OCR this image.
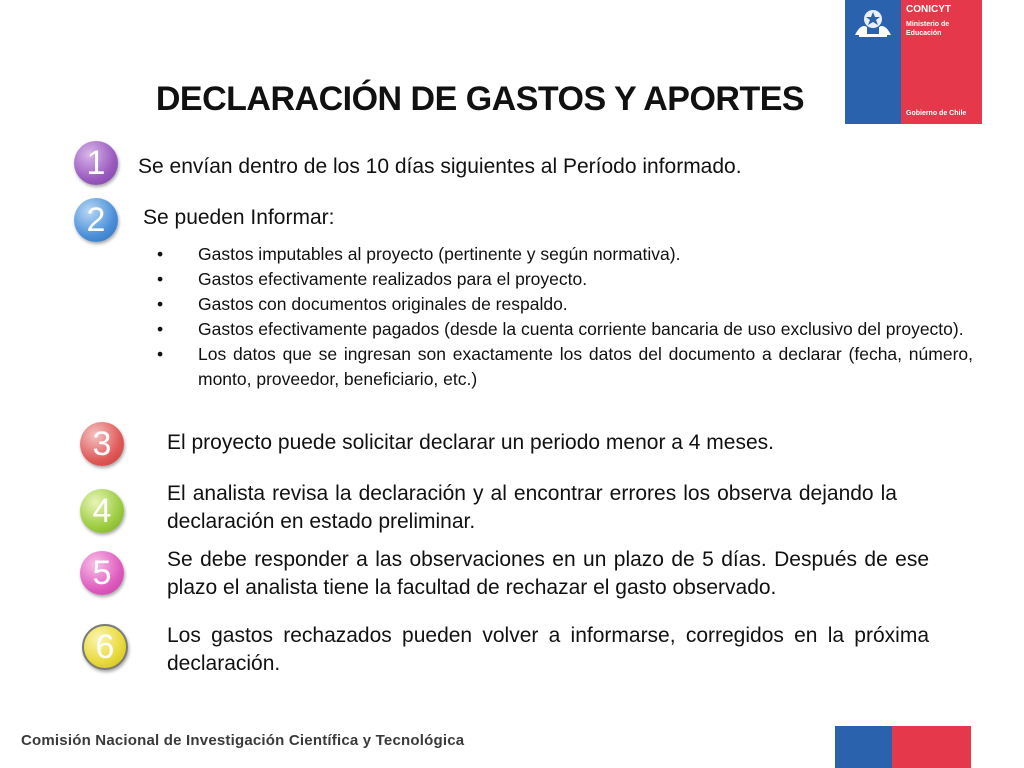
CONICYT
Ministerio de
Educación
Gobierno de Chile
DECLARACIÓN DE GASTOS Y APORTES
1	Se envían dentro de los 10 días siguientes al Período informado.
2	Se pueden Informar:
• Gastos imputables al proyecto (pertinente y según normativa).
• Gastos efectivamente realizados para el proyecto.
• Gastos con documentos originales de respaldo.
• Gastos efectivamente pagados (desde la cuenta corriente bancaria de uso exclusivo del proyecto).
• Los datos que se ingresan son exactamente los datos del documento a declarar (fecha, número, monto, proveedor, beneficiario, etc.)
3	El proyecto puede solicitar declarar un periodo menor a 4 meses.
4	El analista revisa la declaración y al encontrar errores los observa dejando la declaración en estado preliminar.
5	Se debe responder a las observaciones en un plazo de 5 días. Después de ese plazo el analista tiene la facultad de rechazar el gasto observado.
6	Los gastos rechazados pueden volver a informarse, corregidos en la próxima declaración.
Comisión Nacional de Investigación Científica y Tecnológica
